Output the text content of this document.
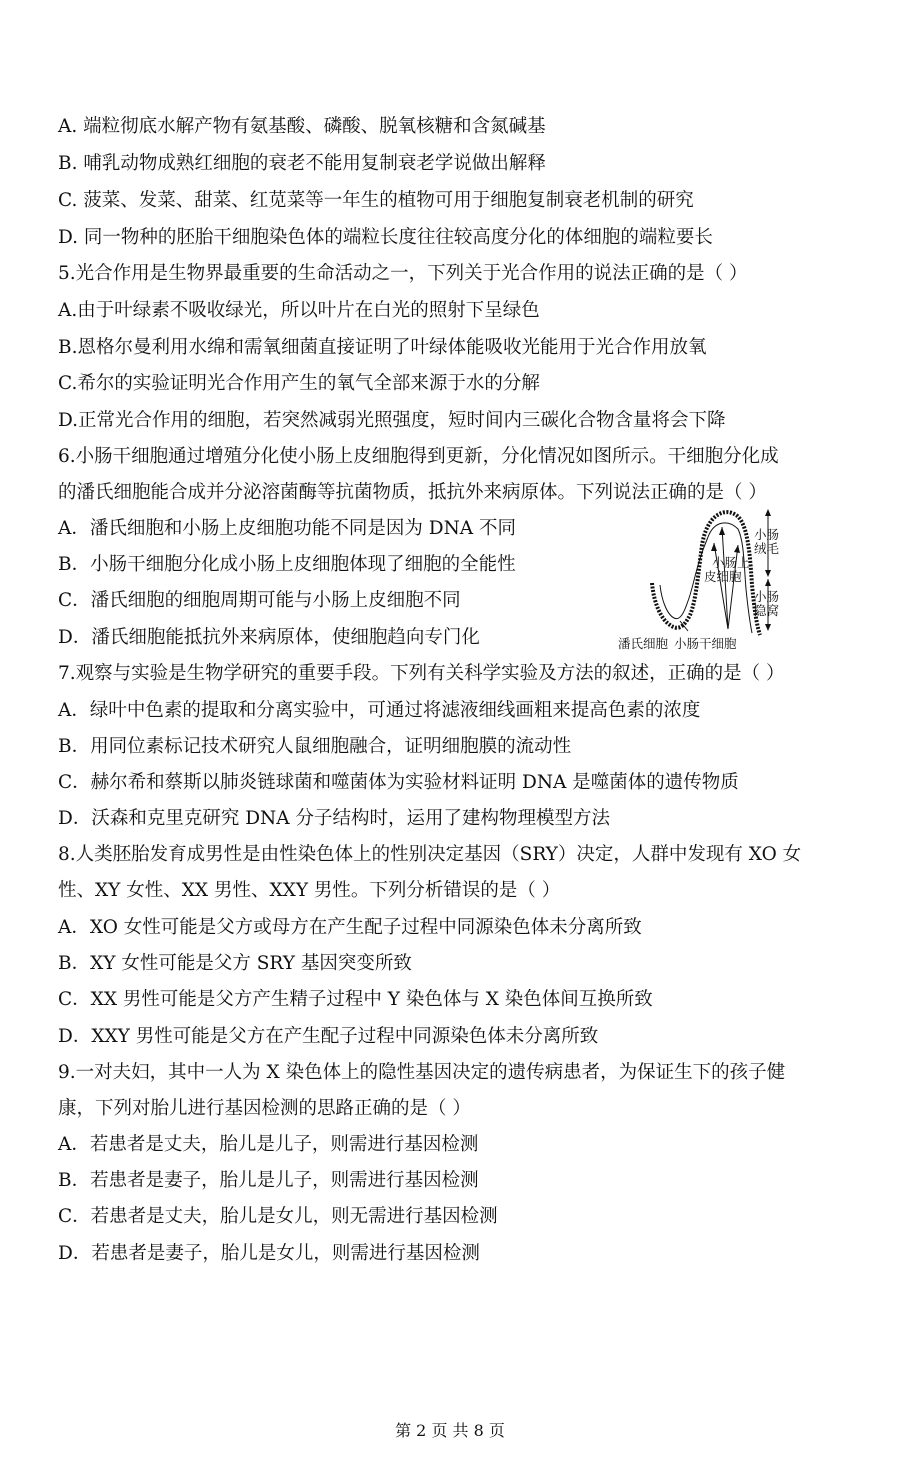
A. 端粒彻底水解产物有氨基酸、磷酸、脱氧核糖和含氮碱基
B. 哺乳动物成熟红细胞的衰老不能用复制衰老学说做出解释
C. 菠菜、发菜、甜菜、红苋菜等一年生的植物可用于细胞复制衰老机制的研究
D. 同一物种的胚胎干细胞染色体的端粒长度往往较高度分化的体细胞的端粒要长
5.光合作用是生物界最重要的生命活动之一，下列关于光合作用的说法正确的是（ ）
A.由于叶绿素不吸收绿光，所以叶片在白光的照射下呈绿色
B.恩格尔曼利用水绵和需氧细菌直接证明了叶绿体能吸收光能用于光合作用放氧
C.希尔的实验证明光合作用产生的氧气全部来源于水的分解
D.正常光合作用的细胞，若突然减弱光照强度，短时间内三碳化合物含量将会下降
6.小肠干细胞通过增殖分化使小肠上皮细胞得到更新，分化情况如图所示。干细胞分化成
的潘氏细胞能合成并分泌溶菌酶等抗菌物质，抵抗外来病原体。下列说法正确的是（ ）
A．潘氏细胞和小肠上皮细胞功能不同是因为 DNA 不同
B．小肠干细胞分化成小肠上皮细胞体现了细胞的全能性
C．潘氏细胞的细胞周期可能与小肠上皮细胞不同
D．潘氏细胞能抵抗外来病原体，使细胞趋向专门化
小肠
绒毛
小肠上
皮细胞
小肠
隐窝
潘氏细胞 小肠干细胞
7.观察与实验是生物学研究的重要手段。下列有关科学实验及方法的叙述，正确的是（ ）
A．绿叶中色素的提取和分离实验中，可通过将滤液细线画粗来提高色素的浓度
B．用同位素标记技术研究人鼠细胞融合，证明细胞膜的流动性
C．赫尔希和蔡斯以肺炎链球菌和噬菌体为实验材料证明 DNA 是噬菌体的遗传物质
D．沃森和克里克研究 DNA 分子结构时，运用了建构物理模型方法
8.人类胚胎发育成男性是由性染色体上的性别决定基因（SRY）决定，人群中发现有 XO 女
性、XY 女性、XX 男性、XXY 男性。下列分析错误的是（ ）
A．XO 女性可能是父方或母方在产生配子过程中同源染色体未分离所致
B．XY 女性可能是父方 SRY 基因突变所致
C．XX 男性可能是父方产生精子过程中 Y 染色体与 X 染色体间互换所致
D．XXY 男性可能是父方在产生配子过程中同源染色体未分离所致
9.一对夫妇，其中一人为 X 染色体上的隐性基因决定的遗传病患者，为保证生下的孩子健
康，下列对胎儿进行基因检测的思路正确的是（ ）
A．若患者是丈夫，胎儿是儿子，则需进行基因检测
B．若患者是妻子，胎儿是儿子，则需进行基因检测
C．若患者是丈夫，胎儿是女儿，则无需进行基因检测
D．若患者是妻子，胎儿是女儿，则需进行基因检测
第 2 页 共 8 页
